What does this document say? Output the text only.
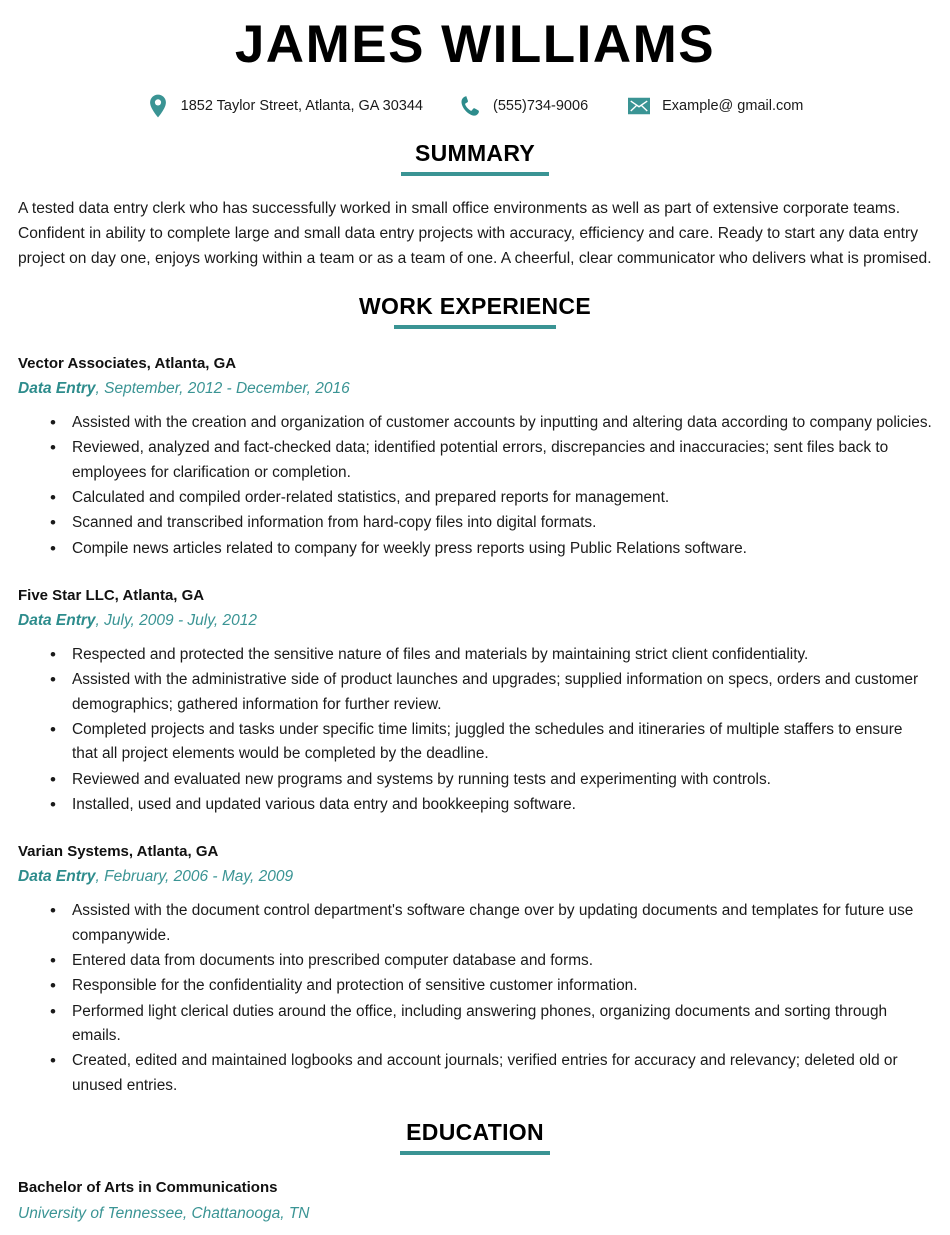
JAMES WILLIAMS
1852 Taylor Street, Atlanta, GA 30344	(555)734-9006	Example@ gmail.com
SUMMARY
A tested data entry clerk who has successfully worked in small office environments as well as part of extensive corporate teams. Confident in ability to complete large and small data entry projects with accuracy, efficiency and care. Ready to start any data entry project on day one, enjoys working within a team or as a team of one. A cheerful, clear communicator who delivers what is promised.
WORK EXPERIENCE
Vector Associates, Atlanta, GA
Data Entry, September, 2012 - December, 2016
• Assisted with the creation and organization of customer accounts by inputting and altering data according to company policies.
• Reviewed, analyzed and fact-checked data; identified potential errors, discrepancies and inaccuracies; sent files back to employees for clarification or completion.
• Calculated and compiled order-related statistics, and prepared reports for management.
• Scanned and transcribed information from hard-copy files into digital formats.
• Compile news articles related to company for weekly press reports using Public Relations software.
Five Star LLC, Atlanta, GA
Data Entry, July, 2009 - July, 2012
• Respected and protected the sensitive nature of files and materials by maintaining strict client confidentiality.
• Assisted with the administrative side of product launches and upgrades; supplied information on specs, orders and customer demographics; gathered information for further review.
• Completed projects and tasks under specific time limits; juggled the schedules and itineraries of multiple staffers to ensure that all project elements would be completed by the deadline.
• Reviewed and evaluated new programs and systems by running tests and experimenting with controls.
• Installed, used and updated various data entry and bookkeeping software.
Varian Systems, Atlanta, GA
Data Entry, February, 2006 - May, 2009
• Assisted with the document control department's software change over by updating documents and templates for future use companywide.
• Entered data from documents into prescribed computer database and forms.
• Responsible for the confidentiality and protection of sensitive customer information.
• Performed light clerical duties around the office, including answering phones, organizing documents and sorting through emails.
• Created, edited and maintained logbooks and account journals; verified entries for accuracy and relevancy; deleted old or unused entries.
EDUCATION
Bachelor of Arts in Communications
University of Tennessee, Chattanooga, TN
